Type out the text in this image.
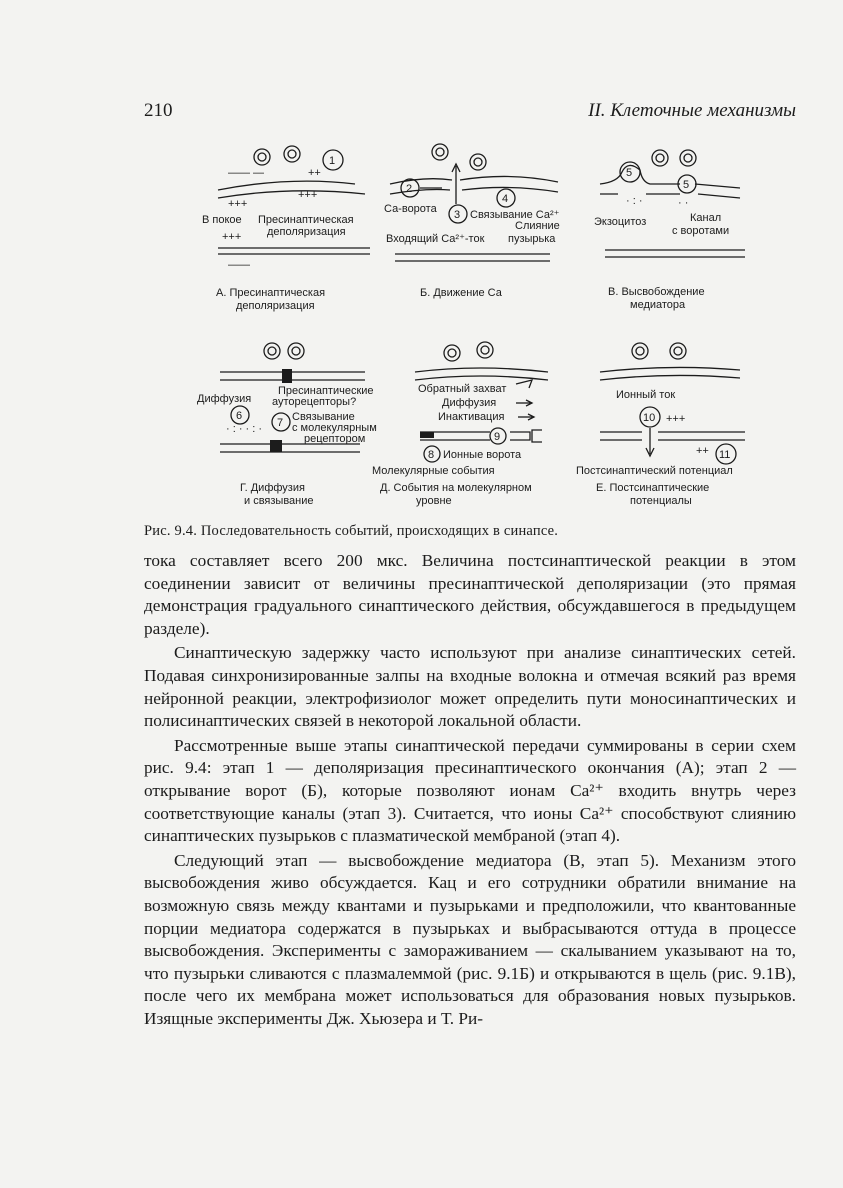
210	II. Клеточные механизмы
1
—— —	++
+++
+++
В покое Пресинаптическая
деполяризация
+++
——
А. Пресинаптическая
деполяризация
2
4
3
Са-ворота	Связывание Са²⁺
Слияние
Входящий Са²⁺-ток пузырька
Б. Движение Са
5
5
· : ·	· ·
Экзоцитоз	Канал
с воротами
В. Высвобождение
медиатора
Диффузия
Пресинаптические
ауторецепторы?
6
7 Связывание
с молекулярным
рецептором
· : · · : ·
Г. Диффузия
и связывание
Обратный захват
Диффузия
Инактивация
9
8 Ионные ворота
Молекулярные события
Д. События на молекулярном
уровне
Ионный ток
10 +++
++ 11
Постсинаптический потенциал
Е. Постсинаптические
потенциалы
Рис. 9.4. Последовательность событий, происходящих в синапсе.

тока составляет всего 200 мкс. Величина постсинаптической реакции в этом соединении зависит от величины пресинаптической деполяризации (это прямая демонстрация градуального синаптического действия, обсуждавшегося в предыдущем разделе).

Синаптическую задержку часто используют при анализе синаптических сетей. Подавая синхронизированные залпы на входные волокна и отмечая всякий раз время нейронной реакции, электрофизиолог может определить пути моносинаптических и полисинаптических связей в некоторой локальной области.

Рассмотренные выше этапы синаптической передачи суммированы в серии схем рис. 9.4: этап 1 — деполяризация пресинаптического окончания (А); этап 2 — открывание ворот (Б), которые позволяют ионам Са²⁺ входить внутрь через соответствующие каналы (этап 3). Считается, что ионы Са²⁺ способствуют слиянию синаптических пузырьков с плазматической мембраной (этап 4).

Следующий этап — высвобождение медиатора (В, этап 5). Механизм этого высвобождения живо обсуждается. Кац и его сотрудники обратили внимание на возможную связь между квантами и пузырьками и предположили, что квантованные порции медиатора содержатся в пузырьках и выбрасываются оттуда в процессе высвобождения. Эксперименты с замораживанием — скалыванием указывают на то, что пузырьки сливаются с плазмалеммой (рис. 9.1Б) и открываются в щель (рис. 9.1В), после чего их мембрана может использоваться для образования новых пузырьков. Изящные эксперименты Дж. Хьюзера и Т. Ри-
